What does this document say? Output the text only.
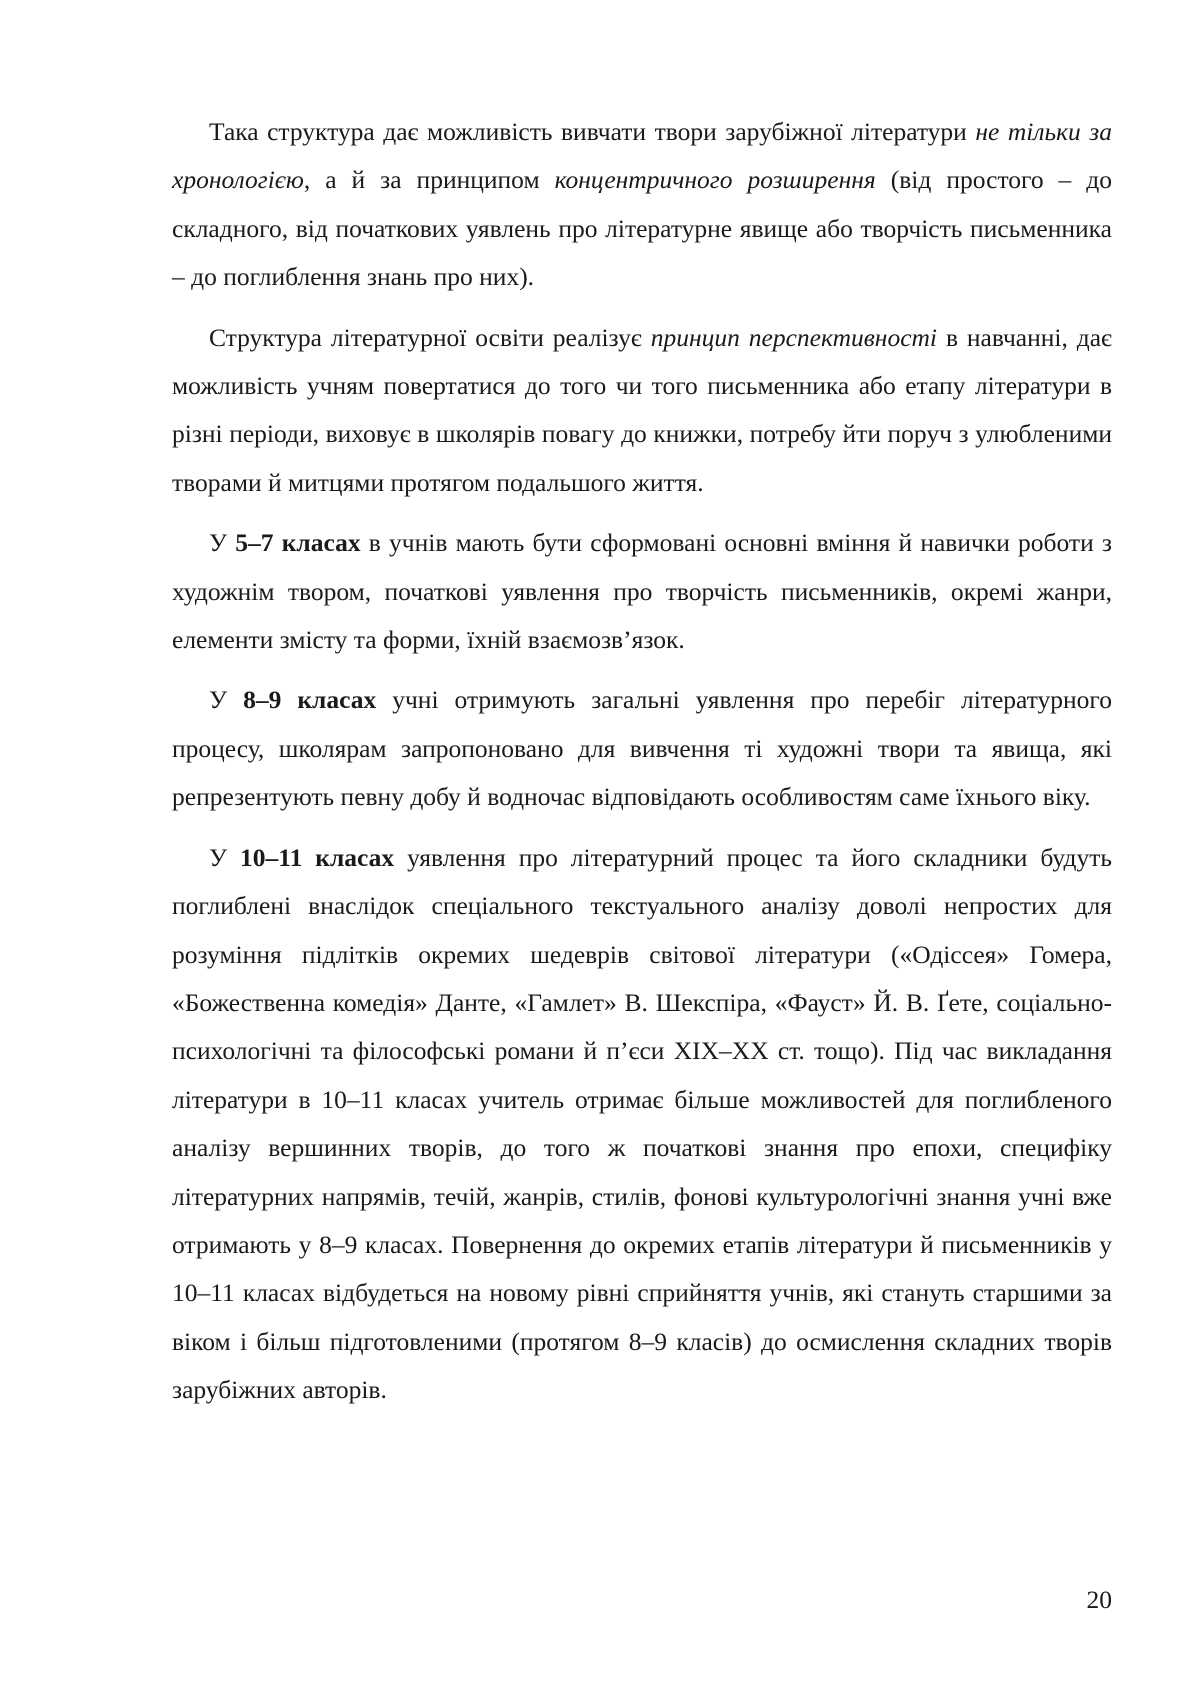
Така структура дає можливість вивчати твори зарубіжної літератури не тільки за хронологією, а й за принципом концентричного розширення (від простого – до складного, від початкових уявлень про літературне явище або творчість письменника – до поглиблення знань про них).

Структура літературної освіти реалізує принцип перспективності в навчанні, дає можливість учням повертатися до того чи того письменника або етапу літератури в різні періоди, виховує в школярів повагу до книжки, потребу йти поруч з улюбленими творами й митцями протягом подальшого життя.

У 5–7 класах в учнів мають бути сформовані основні вміння й навички роботи з художнім твором, початкові уявлення про творчість письменників, окремі жанри, елементи змісту та форми, їхній взаємозв’язок.

У 8–9 класах учні отримують загальні уявлення про перебіг літературного процесу, школярам запропоновано для вивчення ті художні твори та явища, які репрезентують певну добу й водночас відповідають особливостям саме їхнього віку.

У 10–11 класах уявлення про літературний процес та його складники будуть поглиблені внаслідок спеціального текстуального аналізу доволі непростих для розуміння підлітків окремих шедеврів світової літератури («Одіссея» Гомера, «Божественна комедія» Данте, «Гамлет» В. Шекспіра, «Фауст» Й. В. Ґете, соціально-психологічні та філософські романи й п’єси XIX–XX ст. тощо). Під час викладання літератури в 10–11 класах учитель отримає більше можливостей для поглибленого аналізу вершинних творів, до того ж початкові знання про епохи, специфіку літературних напрямів, течій, жанрів, стилів, фонові культурологічні знання учні вже отримають у 8–9 класах. Повернення до окремих етапів літератури й письменників у 10–11 класах відбудеться на новому рівні сприйняття учнів, які стануть старшими за віком і більш підготовленими (протягом 8–9 класів) до осмислення складних творів зарубіжних авторів.

20
